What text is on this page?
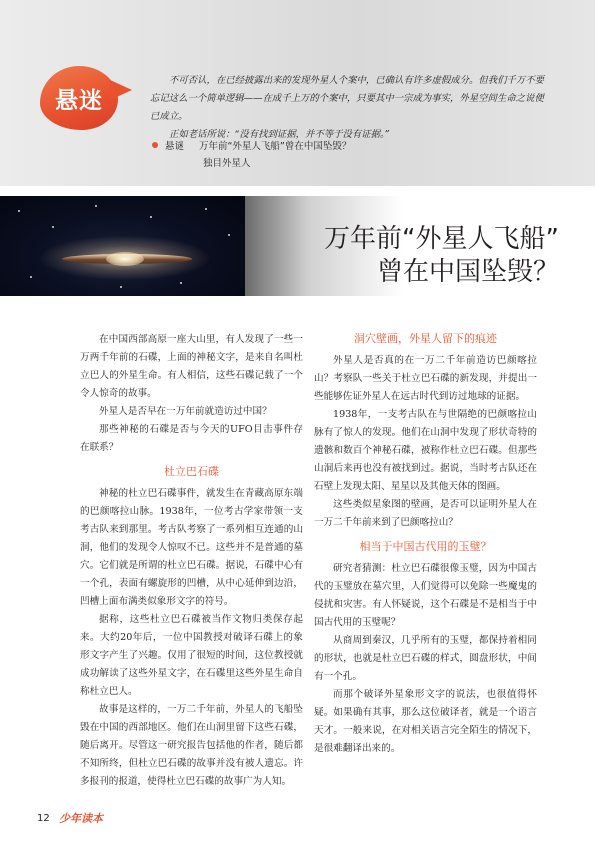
悬迷

不可否认，在已经披露出来的发现外星人个案中，已确认有许多虚假成分。但我们千万不要忘记这么一个简单逻辑——在成千上万的个案中，只要其中一宗成为事实，外星空间生命之说便已成立。

正如老话所说：“没有找到证据，并不等于没有证据。”

悬谜 万年前“外星人飞船”曾在中国坠毁？
独目外星人
万年前“外星人飞船”
曾在中国坠毁？

在中国西部高原一座大山里，有人发现了一些一万两千年前的石碟，上面的神秘文字，是来自名叫杜立巴人的外星生命。有人相信，这些石碟记载了一个令人惊奇的故事。

外星人是否早在一万年前就造访过中国？

那些神秘的石碟是否与今天的UFO目击事件存在联系？

杜立巴石碟

神秘的杜立巴石碟事件，就发生在青藏高原东端的巴颜喀拉山脉。1938年，一位考古学家带领一支考古队来到那里。考古队考察了一系列相互连通的山洞，他们的发现令人惊叹不已。这些并不是普通的墓穴。它们就是所谓的杜立巴石碟。据说，石碟中心有一个孔，表面有螺旋形的凹槽，从中心延伸到边沿，凹槽上面布满类似象形文字的符号。

据称，这些杜立巴石碟被当作文物归类保存起来。大约20年后，一位中国教授对破译石碟上的象形文字产生了兴趣。仅用了很短的时间，这位教授就成功解读了这些外星文字，在石碟里这些外星生命自称杜立巴人。

故事是这样的，一万二千年前，外星人的飞船坠毁在中国的西部地区。他们在山洞里留下这些石碟，随后离开。尽管这一研究报告包括他的作者，随后都不知所终，但杜立巴石碟的故事并没有被人遗忘。许多报刊的报道，使得杜立巴石碟的故事广为人知。

洞穴壁画，外星人留下的痕迹

外星人是否真的在一万二千年前造访巴颜喀拉山？考察队一些关于杜立巴石碟的新发现，并提出一些能够佐证外星人在远古时代到访过地球的证据。

1938年，一支考古队在与世隔绝的巴颜喀拉山脉有了惊人的发现。他们在山洞中发现了形状奇特的遗骸和数百个神秘石碟，被称作杜立巴石碟。但那些山洞后来再也没有被找到过。据说，当时考古队还在石壁上发现太阳、星星以及其他天体的图画。

这些类似星象图的壁画，是否可以证明外星人在一万二千年前来到了巴颜喀拉山？

相当于中国古代用的玉璧？

研究者猜测：杜立巴石碟很像玉璧，因为中国古代的玉璧放在墓穴里，人们觉得可以免除一些魔鬼的侵扰和灾害。有人怀疑说，这个石碟是不是相当于中国古代用的玉璧呢？

从商周到秦汉，几乎所有的玉璧，都保持着相同的形状，也就是杜立巴石碟的样式，圆盘形状，中间有一个孔。

而那个破译外星象形文字的说法，也很值得怀疑。如果确有其事，那么这位破译者，就是一个语言天才。一般来说，在对相关语言完全陌生的情况下，是很难翻译出来的。

12 少年读本
